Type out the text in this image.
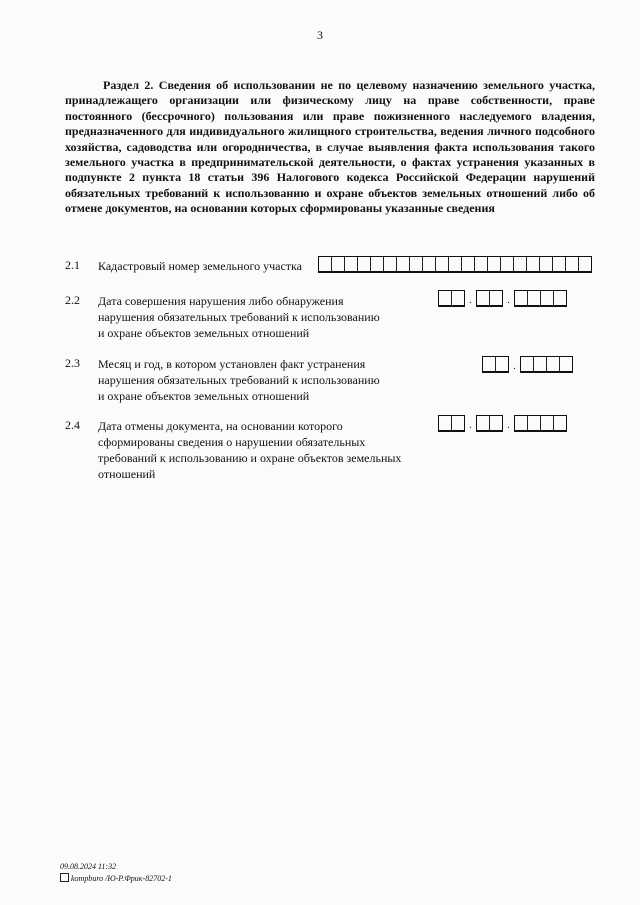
3
Раздел 2. Сведения об использовании не по целевому назначению земельного участка, принадлежащего организации или физическому лицу на праве собственности, праве постоянного (бессрочного) пользования или праве пожизненного наследуемого владения, предназначенного для индивидуального жилищного строительства, ведения личного подсобного хозяйства, садоводства или огородничества, в случае выявления факта использования такого земельного участка в предпринимательской деятельности, о фактах устранения указанных в подпункте 2 пункта 18 статьи 396 Налогового кодекса Российской Федерации нарушений обязательных требований к использованию и охране объектов земельных отношений либо об отмене документов, на основании которых сформированы указанные сведения
2.1 Кадастровый номер земельного участка
2.2 Дата совершения нарушения либо обнаружения
нарушения обязательных требований к использованию
и охране объектов земельных отношений
.	.
2.3 Месяц и год, в котором установлен факт устранения
нарушения обязательных требований к использованию
и охране объектов земельных отношений
.
2.4 Дата отмены документа, на основании которого
сформированы сведения о нарушении обязательных
требований к использованию и охране объектов земельных
отношений
.	.
09.08.2024 11:32
kompburo /Ю-Р.Фрик-82702-1
